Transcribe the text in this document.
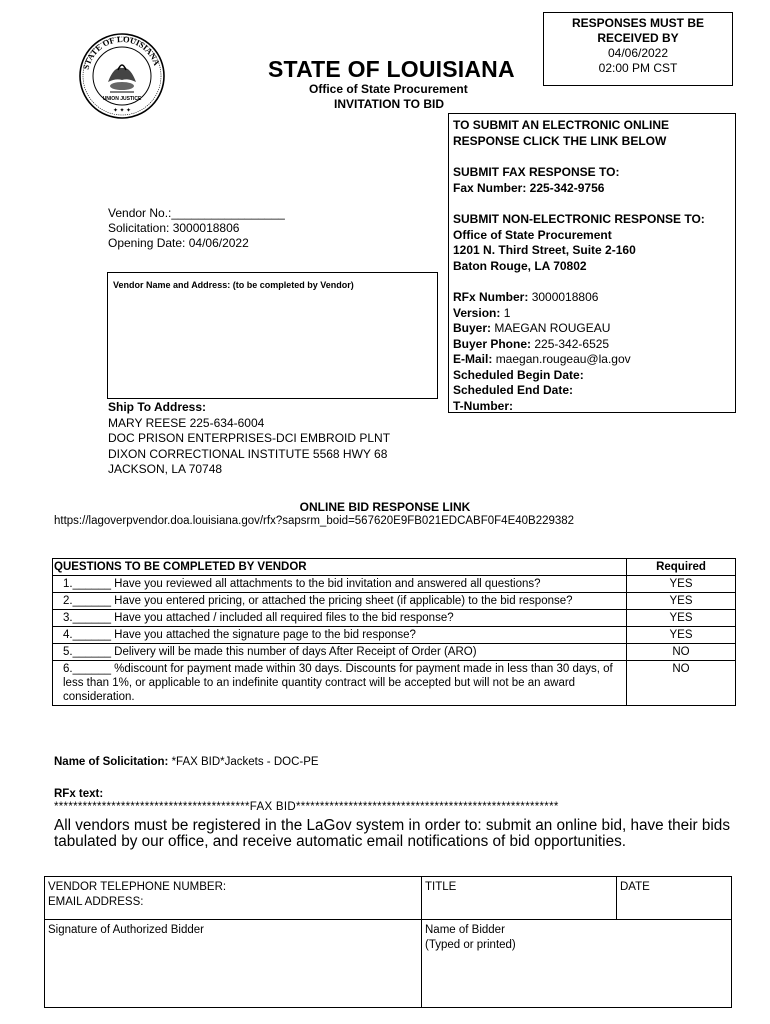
STATE OF LOUISIANA
UNION JUSTICE
✦ ✦ ✦
STATE OF LOUISIANA
Office of State Procurement
INVITATION TO BID
RESPONSES MUST BE
RECEIVED BY
04/06/2022
02:00 PM CST
TO SUBMIT AN ELECTRONIC ONLINE
RESPONSE CLICK THE LINK BELOW
SUBMIT FAX RESPONSE TO:
Fax Number: 225-342-9756
SUBMIT NON-ELECTRONIC RESPONSE TO:
Office of State Procurement
1201 N. Third Street, Suite 2-160
Baton Rouge, LA 70802
RFx Number: 3000018806
Version: 1
Buyer: MAEGAN ROUGEAU
Buyer Phone: 225-342-6525
E-Mail: maegan.rougeau@la.gov
Scheduled Begin Date:
Scheduled End Date:
T-Number:
Vendor No.:_________________
Solicitation: 3000018806
Opening Date: 04/06/2022
Vendor Name and Address: (to be completed by Vendor)
Ship To Address:
MARY REESE 225-634-6004
DOC PRISON ENTERPRISES-DCI EMBROID PLNT
DIXON CORRECTIONAL INSTITUTE 5568 HWY 68
JACKSON, LA 70748
ONLINE BID RESPONSE LINK
https://lagoverpvendor.doa.louisiana.gov/rfx?sapsrm_boid=567620E9FB021EDCABF0F4E40B229382
QUESTIONS TO BE COMPLETED BY VENDOR	Required
1.______ Have you reviewed all attachments to the bid invitation and answered all questions?	YES
2.______ Have you entered pricing, or attached the pricing sheet (if applicable) to the bid response?	YES
3.______ Have you attached / included all required files to the bid response?	YES
4.______ Have you attached the signature page to the bid response?	YES
5.______ Delivery will be made this number of days After Receipt of Order (ARO)	NO
6.______ %discount for payment made within 30 days. Discounts for payment made in less than 30 days, of less than 1%, or applicable to an indefinite quantity contract will be accepted but will not be an award consideration.	NO
Name of Solicitation: *FAX BID*Jackets - DOC-PE
RFx text:
*****************************************FAX BID*******************************************************
All vendors must be registered in the LaGov system in order to: submit an online bid, have their bids tabulated by our office, and receive automatic email notifications of bid opportunities.
VENDOR TELEPHONE NUMBER:
EMAIL ADDRESS:	TITLE	DATE
Signature of Authorized Bidder	Name of Bidder
(Typed or printed)	
